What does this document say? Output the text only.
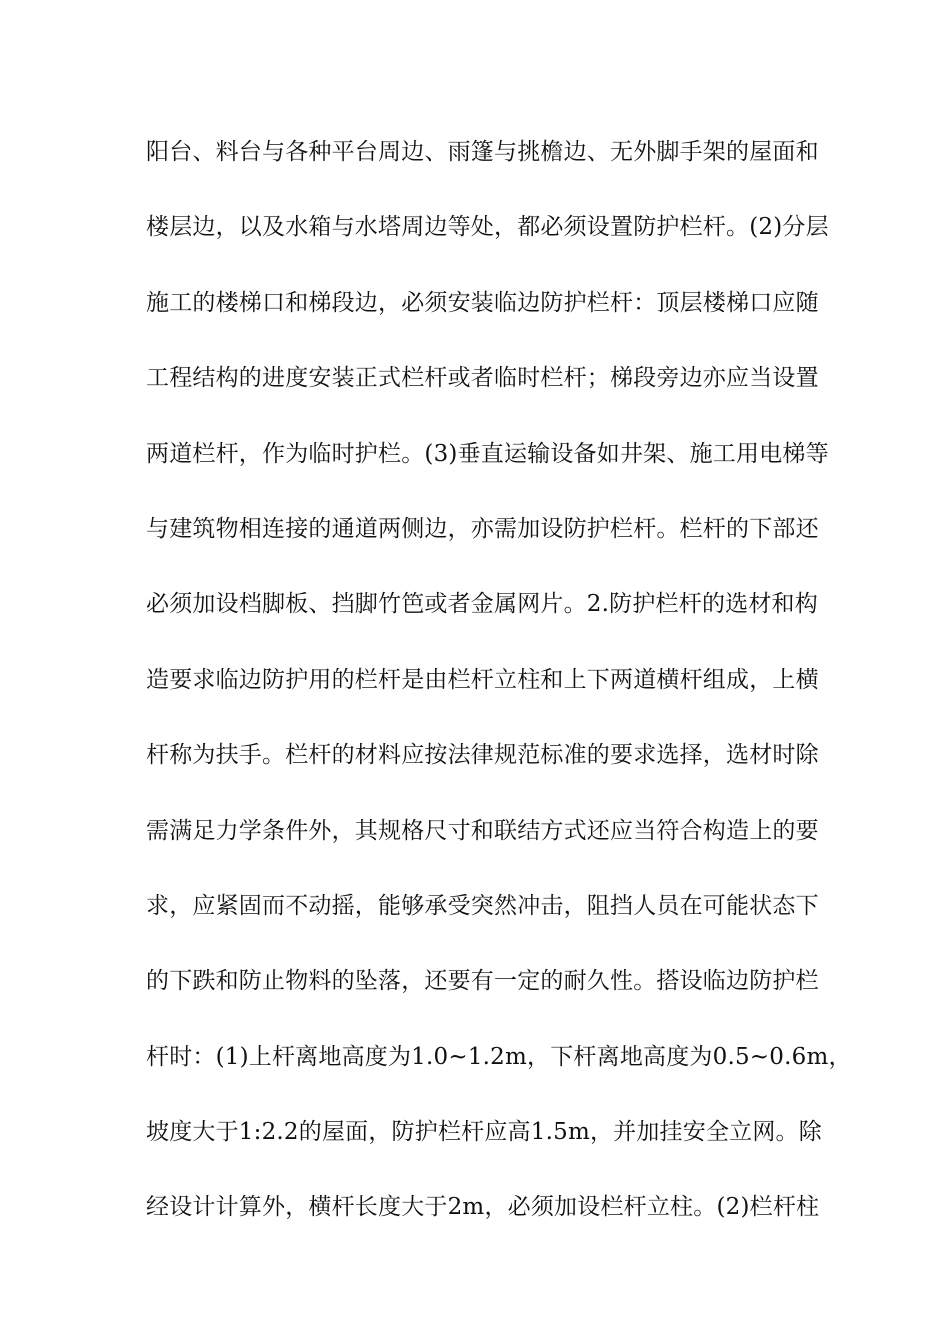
阳台、料台与各种平台周边、雨篷与挑檐边、无外脚手架的屋面和
楼层边，以及水箱与水塔周边等处，都必须设置防护栏杆。(2)分层
施工的楼梯口和梯段边，必须安装临边防护栏杆：顶层楼梯口应随
工程结构的进度安装正式栏杆或者临时栏杆；梯段旁边亦应当设置
两道栏杆，作为临时护栏。(3)垂直运输设备如井架、施工用电梯等
与建筑物相连接的通道两侧边，亦需加设防护栏杆。栏杆的下部还
必须加设档脚板、挡脚竹笆或者金属网片。2.防护栏杆的选材和构
造要求临边防护用的栏杆是由栏杆立柱和上下两道横杆组成，上横
杆称为扶手。栏杆的材料应按法律规范标准的要求选择，选材时除
需满足力学条件外，其规格尺寸和联结方式还应当符合构造上的要
求，应紧固而不动摇，能够承受突然冲击，阻挡人员在可能状态下
的下跌和防止物料的坠落，还要有一定的耐久性。搭设临边防护栏
杆时：(1)上杆离地高度为1.0~1.2m，下杆离地高度为0.5~0.6m，
坡度大于1:2.2的屋面，防护栏杆应高1.5m，并加挂安全立网。除
经设计计算外，横杆长度大于2m，必须加设栏杆立柱。(2)栏杆柱
